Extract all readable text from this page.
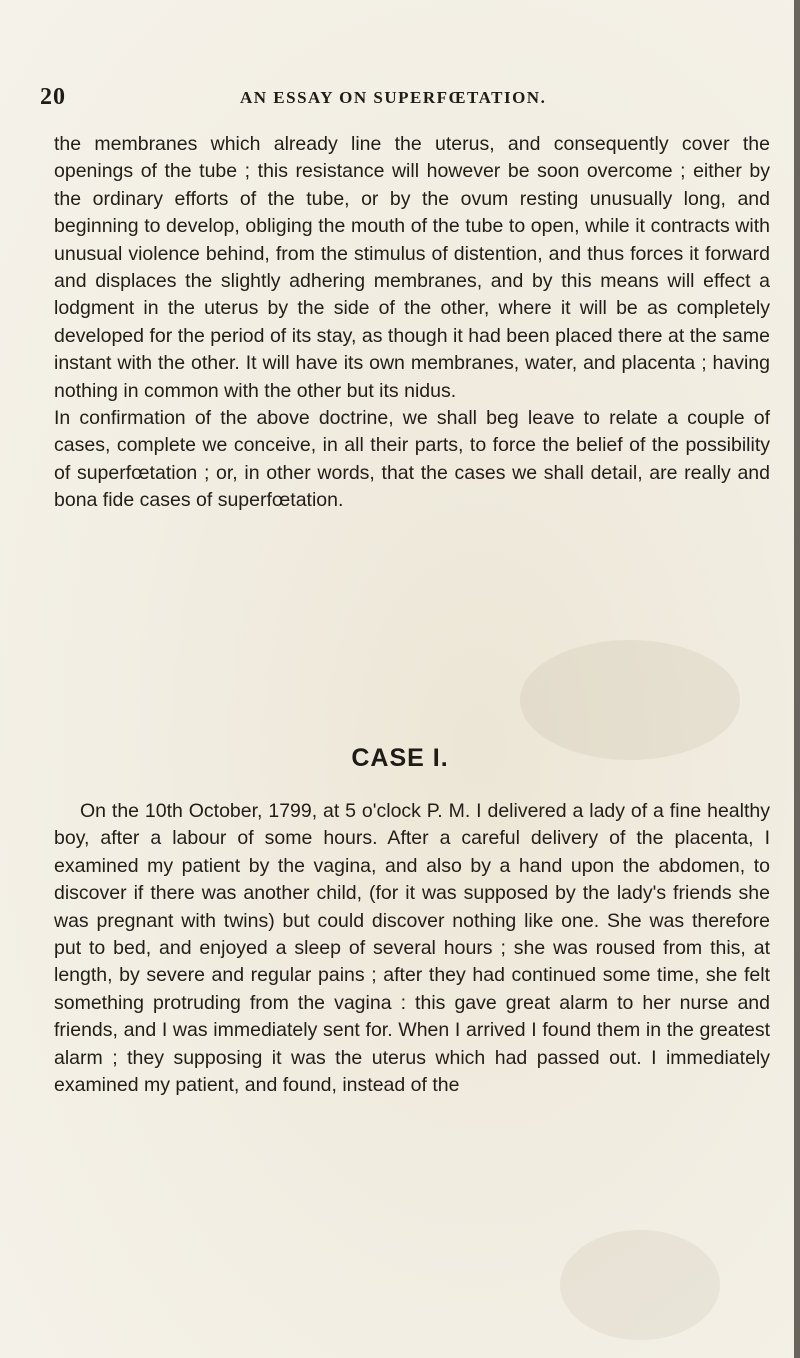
20	AN ESSAY ON SUPERFŒTATION.

the membranes which already line the uterus, and consequently cover the openings of the tube ; this resistance will however be soon overcome ; either by the ordinary efforts of the tube, or by the ovum resting unusually long, and beginning to develop, obliging the mouth of the tube to open, while it contracts with unusual violence behind, from the stimulus of distention, and thus forces it forward and displaces the slightly adhering membranes, and by this means will effect a lodgment in the uterus by the side of the other, where it will be as completely developed for the period of its stay, as though it had been placed there at the same instant with the other. It will have its own membranes, water, and placenta ; having nothing in common with the other but its nidus.

In confirmation of the above doctrine, we shall beg leave to relate a couple of cases, complete we conceive, in all their parts, to force the belief of the possibility of superfœtation ; or, in other words, that the cases we shall detail, are really and bona fide cases of superfœtation.

CASE I.

On the 10th October, 1799, at 5 o'clock P. M. I delivered a lady of a fine healthy boy, after a labour of some hours. After a careful delivery of the placenta, I examined my patient by the vagina, and also by a hand upon the abdomen, to discover if there was another child, (for it was supposed by the lady's friends she was pregnant with twins) but could discover nothing like one. She was therefore put to bed, and enjoyed a sleep of several hours ; she was roused from this, at length, by severe and regular pains ; after they had continued some time, she felt something protruding from the vagina : this gave great alarm to her nurse and friends, and I was immediately sent for. When I arrived I found them in the greatest alarm ; they supposing it was the uterus which had passed out. I immediately examined my patient, and found, instead of the
